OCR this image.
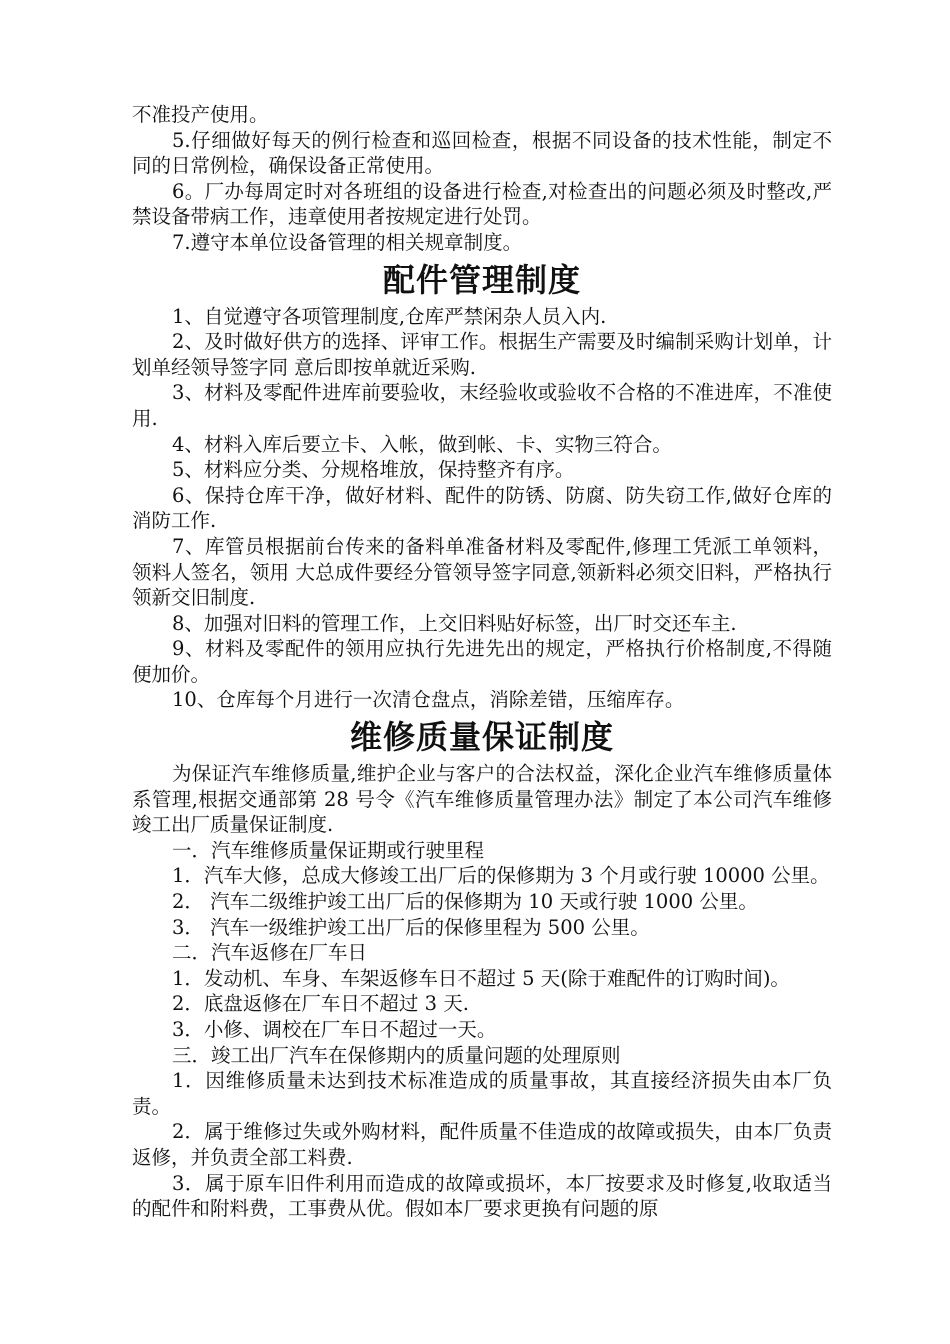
不准投产使用。

5.仔细做好每天的例行检查和巡回检查，根据不同设备的技术性能，制定不同的日常例检，确保设备正常使用。

6。厂办每周定时对各班组的设备进行检查,对检查出的问题必须及时整改,严禁设备带病工作，违章使用者按规定进行处罚。

7.遵守本单位设备管理的相关规章制度。

配件管理制度

1、自觉遵守各项管理制度,仓库严禁闲杂人员入内.

2、及时做好供方的选择、评审工作。根据生产需要及时编制采购计划单，计划单经领导签字同 意后即按单就近采购.

3、材料及零配件进库前要验收，末经验收或验收不合格的不准进库，不准使用.

4、材料入库后要立卡、入帐，做到帐、卡、实物三符合。

5、材料应分类、分规格堆放，保持整齐有序。

6、保持仓库干净，做好材料、配件的防锈、防腐、防失窃工作,做好仓库的消防工作.

7、库管员根据前台传来的备料单准备材料及零配件,修理工凭派工单领料，领料人签名，领用 大总成件要经分管领导签字同意,领新料必须交旧料，严格执行领新交旧制度.

8、加强对旧料的管理工作，上交旧料贴好标签，出厂时交还车主.

9、材料及零配件的领用应执行先进先出的规定，严格执行价格制度,不得随便加价。

10、仓库每个月进行一次清仓盘点，消除差错，压缩库存。

维修质量保证制度

为保证汽车维修质量,维护企业与客户的合法权益，深化企业汽车维修质量体系管理,根据交通部第 28 号令《汽车维修质量管理办法》制定了本公司汽车维修竣工出厂质量保证制度.

一．汽车维修质量保证期或行驶里程

1．汽车大修，总成大修竣工出厂后的保修期为 3 个月或行驶 10000 公里。

2． 汽车二级维护竣工出厂后的保修期为 10 天或行驶 1000 公里。

3． 汽车一级维护竣工出厂后的保修里程为 500 公里。

二．汽车返修在厂车日

1．发动机、车身、车架返修车日不超过 5 天(除于难配件的订购时间)。

2．底盘返修在厂车日不超过 3 天.

3．小修、调校在厂车日不超过一天。

三．竣工出厂汽车在保修期内的质量问题的处理原则

1．因维修质量未达到技术标准造成的质量事故，其直接经济损失由本厂负责。

2．属于维修过失或外购材料，配件质量不佳造成的故障或损失，由本厂负责返修，并负责全部工料费.

3．属于原车旧件利用而造成的故障或损坏，本厂按要求及时修复,收取适当的配件和附料费，工事费从优。假如本厂要求更换有问题的原
